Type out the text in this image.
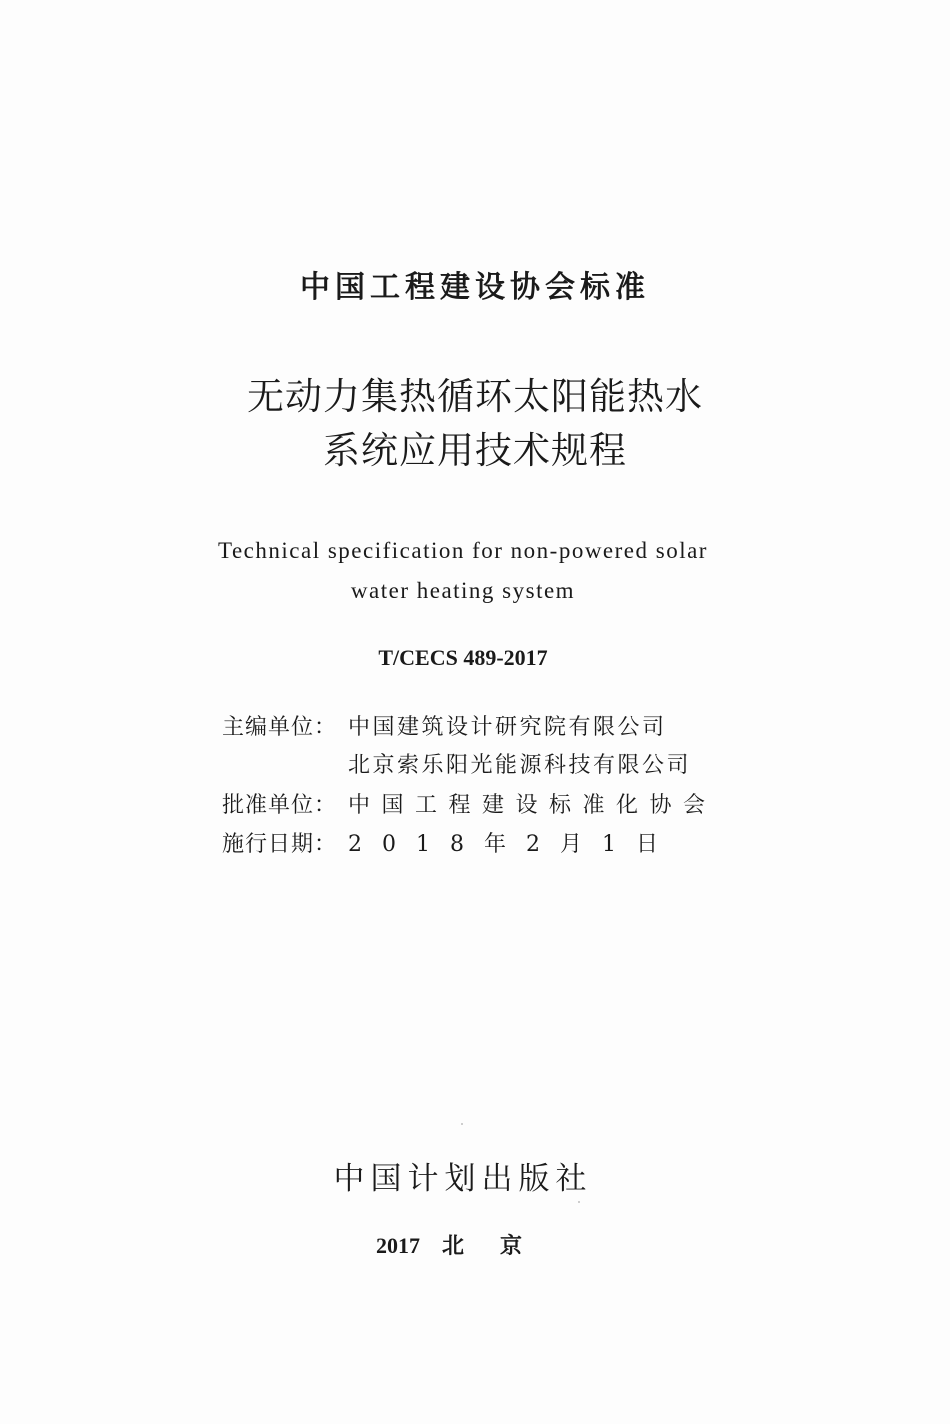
中国工程建设协会标准
无动力集热循环太阳能热水
系统应用技术规程
Technical specification for non-powered solar
water heating system
T/CECS 489-2017
主编单位： 中国建筑设计研究院有限公司
北京索乐阳光能源科技有限公司
批准单位： 中国工程建设标准化协会
施行日期： 2018年2月1日
中国计划出版社
2017 北京
